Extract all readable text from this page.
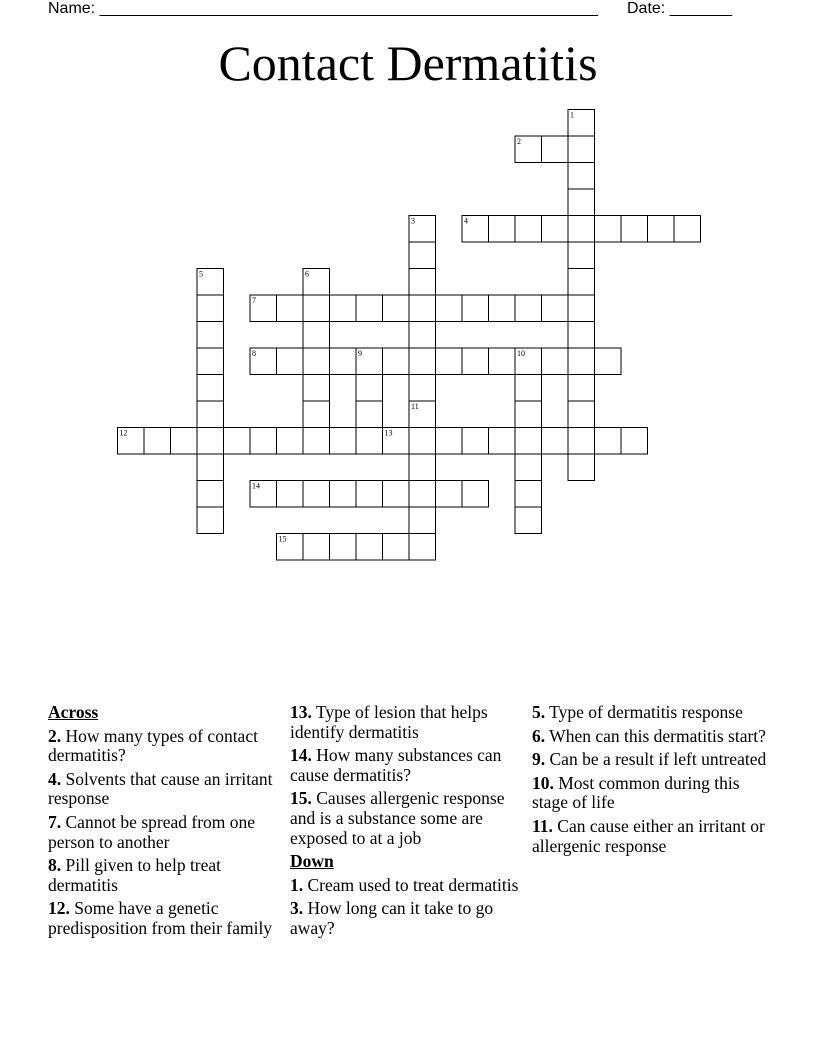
Name: ________________________________________________________ Date: _______
Contact Dermatitis
1
2
3	4
5	6
7
8	9	10
11
12	13
14
15
Across
2. How many types of contact dermatitis?
4. Solvents that cause an irritant response
7. Cannot be spread from one person to another
8. Pill given to help treat dermatitis
12. Some have a genetic predisposition from their family
13. Type of lesion that helps identify dermatitis
14. How many substances can cause dermatitis?
15. Causes allergenic response and is a substance some are exposed to at a job
Down
1. Cream used to treat dermatitis
3. How long can it take to go away?
5. Type of dermatitis response
6. When can this dermatitis start?
9. Can be a result if left untreated
10. Most common during this stage of life
11. Can cause either an irritant or allergenic response
